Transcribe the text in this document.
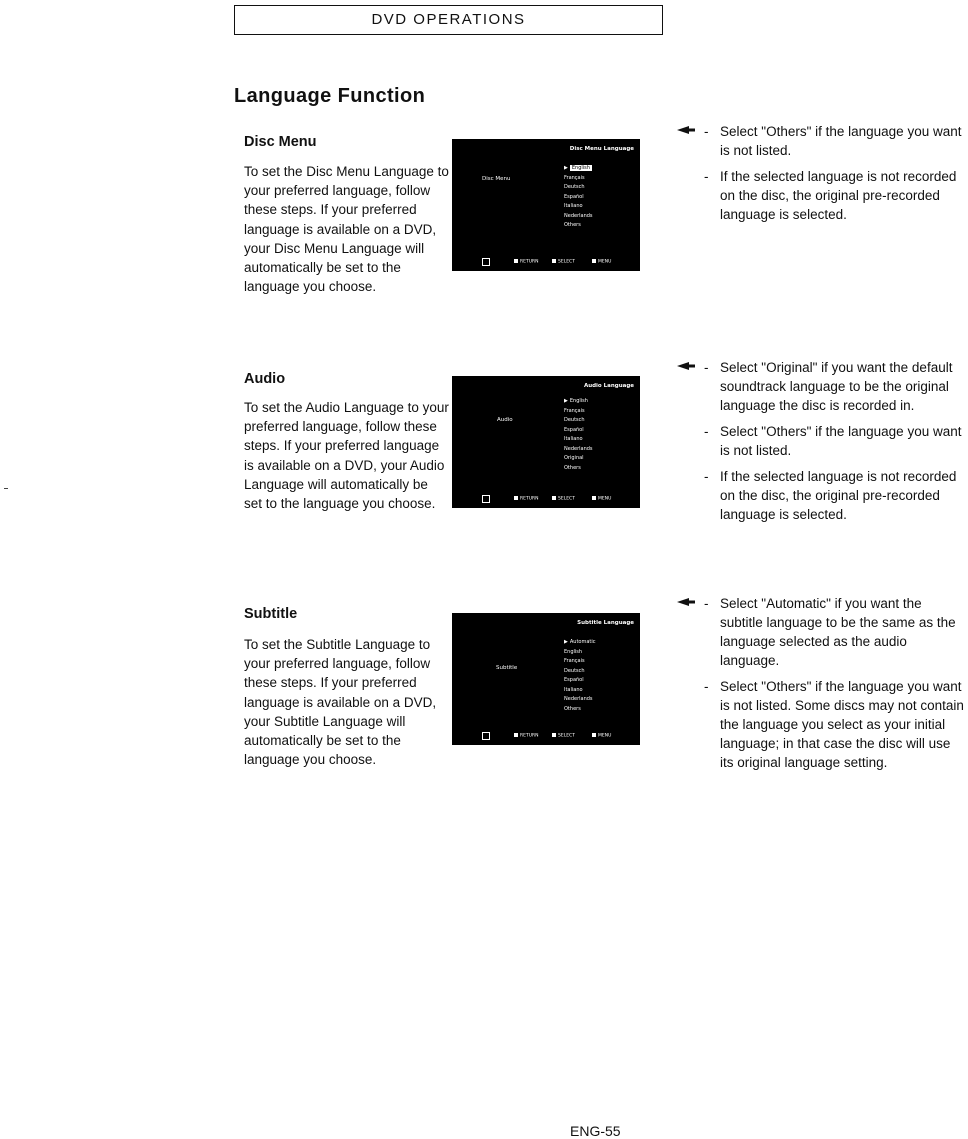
DVD OPERATIONS
Language Function
Disc Menu

To set the Disc Menu Language to your preferred language, follow these steps. If your preferred language is available on a DVD, your Disc Menu Language will automatically be set to the language you choose.

Disc Menu Language
Disc Menu
▶ English
Français
Deutsch
Español
Italiano
Nederlands
Others
RETURN	SELECT	MENU
- Select "Others" if the language you want is not listed.
- If the selected language is not recorded on the disc, the original pre-recorded language is selected.
Audio

To set the Audio Language to your preferred language, follow these steps. If your preferred language is available on a DVD, your Audio Language will automatically be set to the language you choose.

Audio Language
Audio
▶ English
Français
Deutsch
Español
Italiano
Nederlands
Original
Others
RETURN	SELECT	MENU
- Select "Original" if you want the default soundtrack language to be the original language the disc is recorded in.
- Select "Others" if the language you want is not listed.
- If the selected language is not recorded on the disc, the original pre-recorded language is selected.
Subtitle

To set the Subtitle Language to your preferred language, follow these steps. If your preferred language is available on a DVD, your Subtitle Language will automatically be set to the language you choose.

Subtitle Language
Subtitle
▶ Automatic
English
Français
Deutsch
Español
Italiano
Nederlands
Others
RETURN	SELECT	MENU
- Select "Automatic" if you want the subtitle language to be the same as the language selected as the audio language.
- Select "Others" if the language you want is not listed. Some discs may not contain the language you select as your initial language; in that case the disc will use its original language setting.
ENG-55
